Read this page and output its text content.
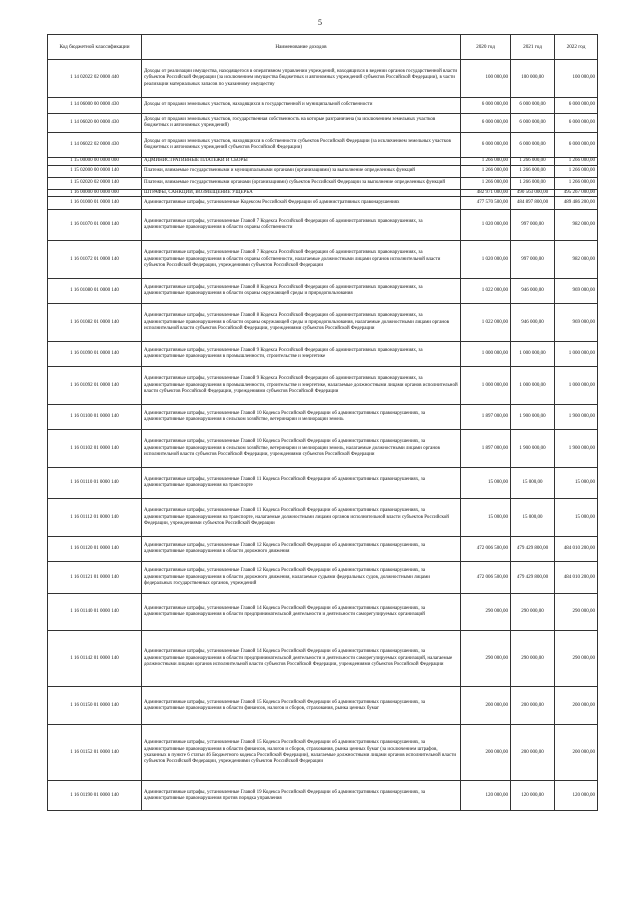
5
Код бюджетной классификации	Наименование доходов	2020 год	2021 год	2022 год
1 14 02022 02 0000 440	Доходы от реализации имущества, находящегося в оперативном управлении учреждений, находящихся в ведении органов государственной власти субъектов Российской Федерации (за исключением имущества бюджетных и автономных учреждений субъектов Российской Федерации), в части реализации материальных запасов по указанному имуществу	100 000,00	100 000,00	100 000,00
1 14 06000 00 0000 430	Доходы от продажи земельных участков, находящихся в государственной и муниципальной собственности	6 000 000,00	6 000 000,00	6 000 000,00
1 14 06020 00 0000 430	Доходы от продажи земельных участков, государственная собственность на которые разграничена (за исключением земельных участков бюджетных и автономных учреждений)	6 000 000,00	6 000 000,00	6 000 000,00
1 14 06022 02 0000 430	Доходы от продажи земельных участков, находящихся в собственности субъектов Российской Федерации (за исключением земельных участков бюджетных и автономных учреждений субъектов Российской Федерации)	6 000 000,00	6 000 000,00	6 000 000,00
1 15 00000 00 0000 000	АДМИНИСТРАТИВНЫЕ ПЛАТЕЖИ И СБОРЫ	1 266 000,00	1 266 000,00	1 266 000,00
1 15 02000 00 0000 140	Платежи, взимаемые государственными и муниципальными органами (организациями) за выполнение определенных функций	1 266 000,00	1 266 000,00	1 266 000,00
1 15 02020 02 0000 140	Платежи, взимаемые государственными органами (организациями) субъектов Российской Федерации за выполнение определенных функций	1 266 000,00	1 266 000,00	1 266 000,00
1 16 00000 00 0000 000	ШТРАФЫ, САНКЦИИ, ВОЗМЕЩЕНИЕ УЩЕРБА	482 971 000,00	490 563 000,00	495 267 000,00
1 16 01000 01 0000 140	Административные штрафы, установленные Кодексом Российской Федерации об административных правонарушениях	477 570 500,00	484 897 800,00	489 486 200,00
1 16 01070 01 0000 140	Административные штрафы, установленные Главой 7 Кодекса Российской Федерации об административных правонарушениях, за административные правонарушения в области охраны собственности	1 020 000,00	997 000,00	982 000,00
1 16 01072 01 0000 140	Административные штрафы, установленные Главой 7 Кодекса Российской Федерации об административных правонарушениях, за административные правонарушения в области охраны собственности, налагаемые должностными лицами органов исполнительной власти субъектов Российской Федерации, учреждениями субъектов Российской Федерации	1 020 000,00	997 000,00	982 000,00
1 16 01080 01 0000 140	Административные штрафы, установленные Главой 8 Кодекса Российской Федерации об административных правонарушениях, за административные правонарушения в области охраны окружающей среды и природопользования	1 022 000,00	946 000,00	969 000,00
1 16 01082 01 0000 140	Административные штрафы, установленные Главой 8 Кодекса Российской Федерации об административных правонарушениях, за административные правонарушения в области охраны окружающей среды и природопользования, налагаемые должностными лицами органов исполнительной власти субъектов Российской Федерации, учреждениями субъектов Российской Федерации	1 022 000,00	946 000,00	969 000,00
1 16 01090 01 0000 140	Административные штрафы, установленные Главой 9 Кодекса Российской Федерации об административных правонарушениях, за административные правонарушения в промышленности, строительстве и энергетике	1 000 000,00	1 000 000,00	1 000 000,00
1 16 01092 01 0000 140	Административные штрафы, установленные Главой 9 Кодекса Российской Федерации об административных правонарушениях, за административные правонарушения в промышленности, строительстве и энергетике, налагаемые должностными лицами органов исполнительной власти субъектов Российской Федерации, учреждениями субъектов Российской Федерации	1 000 000,00	1 000 000,00	1 000 000,00
1 16 01100 01 0000 140	Административные штрафы, установленные Главой 10 Кодекса Российской Федерации об административных правонарушениях, за административные правонарушения в сельском хозяйстве, ветеринарии и мелиорации земель	1 897 000,00	1 900 000,00	1 900 000,00
1 16 01102 01 0000 140	Административные штрафы, установленные Главой 10 Кодекса Российской Федерации об административных правонарушениях, за административные правонарушения в сельском хозяйстве, ветеринарии и мелиорации земель, налагаемые должностными лицами органов исполнительной власти субъектов Российской Федерации, учреждениями субъектов Российской Федерации	1 897 000,00	1 900 000,00	1 900 000,00
1 16 01110 01 0000 140	Административные штрафы, установленные Главой 11 Кодекса Российской Федерации об административных правонарушениях, за административные правонарушения на транспорте	15 000,00	15 000,00	15 000,00
1 16 01112 01 0000 140	Административные штрафы, установленные Главой 11 Кодекса Российской Федерации об административных правонарушениях, за административные правонарушения на транспорте, налагаемые должностными лицами органов исполнительной власти субъектов Российской Федерации, учреждениями субъектов Российской Федерации	15 000,00	15 000,00	15 000,00
1 16 01120 01 0000 140	Административные штрафы, установленные Главой 12 Кодекса Российской Федерации об административных правонарушениях, за административные правонарушения в области дорожного движения	472 006 500,00	479 429 800,00	484 010 200,00
1 16 01121 01 0000 140	Административные штрафы, установленные Главой 12 Кодекса Российской Федерации об административных правонарушениях, за административные правонарушения в области дорожного движения, налагаемые судьями федеральных судов, должностными лицами федеральных государственных органов, учреждений	472 006 500,00	479 429 800,00	484 010 200,00
1 16 01140 01 0000 140	Административные штрафы, установленные Главой 14 Кодекса Российской Федерации об административных правонарушениях, за административные правонарушения в области предпринимательской деятельности и деятельности саморегулируемых организаций	290 000,00	290 000,00	290 000,00
1 16 01142 01 0000 140	Административные штрафы, установленные Главой 14 Кодекса Российской Федерации об административных правонарушениях, за административные правонарушения в области предпринимательской деятельности и деятельности саморегулируемых организаций, налагаемые должностными лицами органов исполнительной власти субъектов Российской Федерации, учреждениями субъектов Российской Федерации	290 000,00	290 000,00	290 000,00
1 16 01150 01 0000 140	Административные штрафы, установленные Главой 15 Кодекса Российской Федерации об административных правонарушениях, за административные правонарушения в области финансов, налогов и сборов, страхования, рынка ценных бумаг	200 000,00	200 000,00	200 000,00
1 16 01152 01 0000 140	Административные штрафы, установленные Главой 15 Кодекса Российской Федерации об административных правонарушениях, за административные правонарушения в области финансов, налогов и сборов, страхования, рынка ценных бумаг (за исключением штрафов, указанных в пункте 6 статьи 46 Бюджетного кодекса Российской Федерации), налагаемые должностными лицами органов исполнительной власти субъектов Российской Федерации, учреждениями субъектов Российской Федерации	200 000,00	200 000,00	200 000,00
1 16 01190 01 0000 140	Административные штрафы, установленные Главой 19 Кодекса Российской Федерации об административных правонарушениях, за административные правонарушения против порядка управления	120 000,00	120 000,00	120 000,00
